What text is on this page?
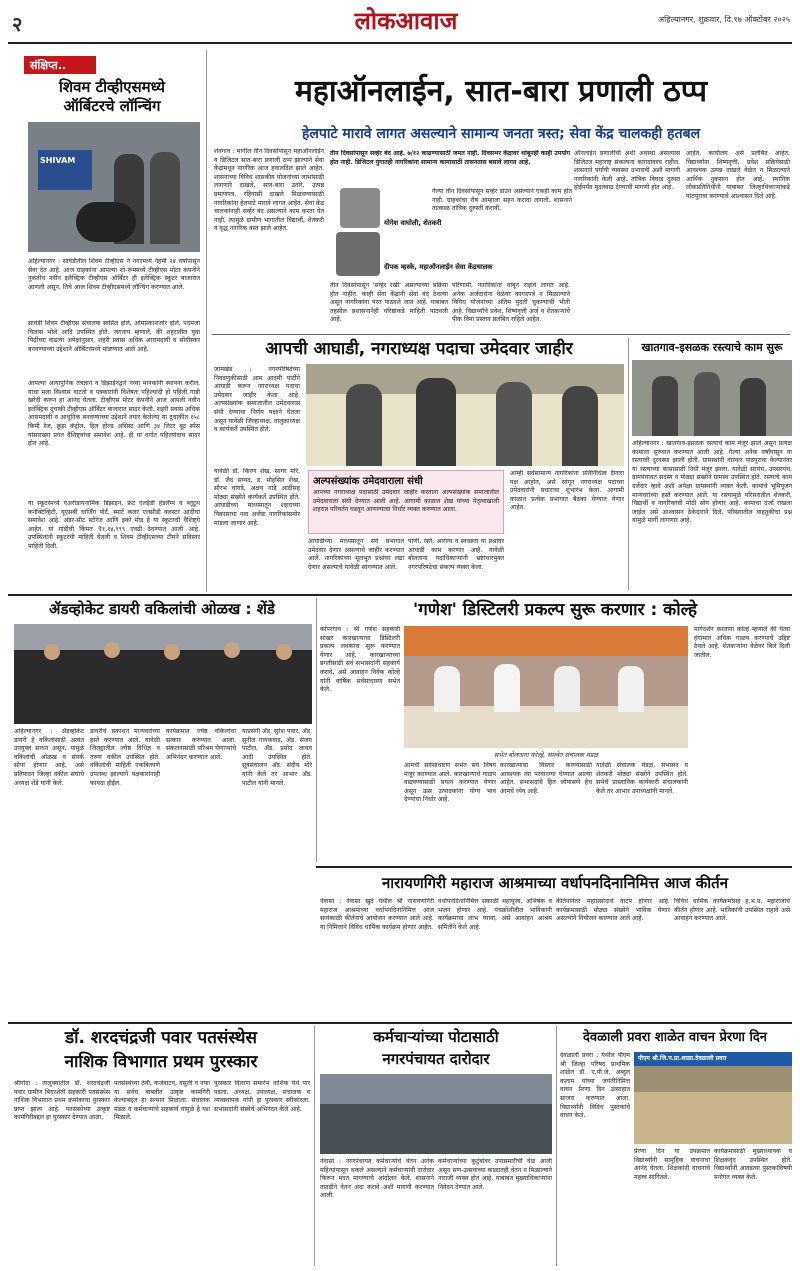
२	लोकआवाज	अहिल्यानगर, शुक्रवार, दि.१७ ऑक्टोबर २०२५
संक्षिप्त..
शिवम टीव्हीएसमध्ये
ऑर्बिटरचे लॉन्चिंग
SHIVAM
अहिल्यानगर : सावेडीतील शिवम टीव्हीएस ने नगरमध्ये नेहमी २४ वर्षांपासून सेवा देत आहे. आज ग्राहकांना आपल्या शो-रूममध्ये टीव्हीएस मोटर कंपनीने नुकतीच नवीन इलेक्ट्रिक टीव्हीएस ऑर्बिटर ही इलेक्ट्रिक स्कूटर बाजारात आणली असून, तिचे आज शिवम टीव्हीएसमध्ये लॉन्चिंग करण्यात आले.
सावेडी शिवम टीव्हीएस संचालक स्वप्निल होले, ओमप्रकाशजोर होले, पदमजा विलास भोले आदि उपस्थित होते. जगताप म्हणाले, की शहरातील युवा पिढींच्या वाढत्या अपेक्षांनुसार, शहरी प्रवास अधिक आरामदायी व सोयीस्कर बनवण्याच्या उद्देशाने ऑर्बिटरमध्ये मांडण्यात आले आहे.
आपल्या आयापुनिक तंत्रज्ञान व डिझाईनद्वारे नव्या मानकांनी स्थापना करील, याचा मला विश्वास वाटतो व पत्रकारांनी विशेषतः पहिल्यांदी हो पहिली गाडी खरेदी करून हा आनंद घेतला. टीव्हीएस मोटर कंपनीने आज आपली नवीन इलेक्ट्रिक दुचाकी टीव्हीएस ऑर्बिटर बाजारात सादर केली. शहरी प्रवास अधिक आरामदायी व आधुनिक बनवण्याच्या उद्देशाने तयार केलेल्या या दुचाकीत १५८ किमी रेंज, क्रूझ कंट्रोल, हिल होल्ड असिस्ट आणि ३४ लिटर बूट स्पेस यांसारख्या प्रगत वैशिष्ट्यांचा समावेश आहे. ही या वर्गात पहिल्यांदाच सादर होत आहे.
या स्कूटरमध्ये एअरोडायनामिक डिझाइन, फ्रंट एलईडी हेडलॅम्प व ब्लूटूथ कनेक्टिव्हिटी, यूएसबी चार्जिंग पोर्ट, स्मार्ट कलर एलसीडी क्लस्टर आदींचा समावेश आहे. अंडर-सीट स्टोरेज आणि इको मोड हे या स्कूटरची वैशिष्ट्ये आहेत. या गाडीची किंमत ₹१,१४,९९९ एवढी ठेवण्यात आली आहे. उपस्थितांनी स्कूटरची माहिती घेतली व शिवम टीव्हीएसच्या टीमने सविस्तर माहिती दिली.
महाऑनलाईन, सात-बारा प्रणाली ठप्प
हेलपाटे मारावे लागत असल्याने सामान्य जनता त्रस्त; सेवा केंद्र चालकही हतबल
शेवगाव : मागील तीन दिवसांपासून महाऑनलाईन व डिजिटल सात-बारा प्रणाली ठप्प झाल्याने सेवा केंद्रांमधून नागरिक आज हवालदिल झाले आहेत. शासनाच्या विविध शासकीय योजनांच्या लाभांसाठी लागणारे दाखले, सात-बारा उतारे, उत्पन्न प्रमाणपत्र, रहिवासी दाखले मिळवण्यासाठी नागरिकांना हेलपाटे मारावे लागत आहेत. सेवा केंद्र चालकांनाही सर्व्हर बंद असल्याने काम करता येत नाही, त्यामुळे ग्रामीण भागातील विद्यार्थी, शेतकरी व वृद्ध नागरिक त्रस्त झाले आहेत.
तीन दिवसांपासून सर्व्हर बंद आहे. ७/१२ काढण्यासाठी जमत नाही. दिवसभर केंद्रावर थांबूनही काही उपयोग होत नाही. डिजिटल युगातही नागरिकांना सामान्य कामासाठी तासनतास बसावे लागत आहे.
योगेश वाघोली, शेतकरी
गेल्या तीन दिवसांपासून सर्व्हर डाउन असल्याने एकही काम होत नाही. ग्राहकांचा रोष आम्हाला सहन करावा लागतो. शासनाने तात्काळ तांत्रिक दुरुस्ती करावी.
दीपक म्हस्के, महाऑनलाईन सेवा केंद्रचालक
तीन दिवसांपासून 'सव्हेर रखी' असल्याच्या प्रक्रिया होत नाहीत. काही सेवा केंद्रांनी सेवा बंद ठेवल्या असून नागरिकांना परत पाठवले जात आहे. याबाबत तहसील प्रशासनानेही वरिष्ठांकडे माहिती पाठवली आहे.
परिणामी, नागरिकांना थांबून राहावे लागत आहे. अनेक अर्जदारांना वेळेवर कागदपत्रे न मिळाल्याने विविध योजनांच्या अंतिम मुदती चुकण्याची भीती आहे. विद्यार्थ्यांचे प्रवेश, शिष्यवृत्ती अर्ज व शेतकऱ्यांचे पीक विमा प्रस्ताव प्रलंबित राहिले आहेत.
ऑनलाईन प्रणालीची अशी अवस्था असल्यास डिजिटल महाराष्ट्र संकल्पना कागदावरच राहील. शासनाने पर्यायी व्यवस्था उभारावी अशी मागणी नागरिकांनी केली आहे. तांत्रिक बिघाड दुरुस्त होईपर्यंत मुदतवाढ देण्याची मागणी होत आहे.
आहेत, कार्यालय असे प्रलंबित आहेत. विद्यार्थ्यांना शिष्यवृत्ती, प्रवेश प्रक्रियेसाठी आवश्यक उत्पन्न दाखले वेळेत न मिळाल्याने आर्थिक नुकसान होत आहे. स्थानिक लोकप्रतिनिधींनी याबाबत जिल्हाधिकाऱ्यांकडे पाठपुरावा करण्याचे आश्वासन दिले आहे.
आपची आघाडी, नगराध्यक्ष पदाचा उमेदवार जाहीर
जामखेड : नगरपरिषदेच्या निवडणुकीसाठी आम आदमी पार्टीने आघाडी करून नगराध्यक्ष पदाचा उमेदवार जाहीर केला आहे. अल्पसंख्यांक समाजातील उमेदवारास संधी देण्याचा निर्णय पक्षाने घेतला असून यावेळी जिल्हाध्यक्ष, तालुकाध्यक्ष व कार्यकर्ते उपस्थित होते.
यावेळी डॉ. किरण शेख, सागर मोरे, डॉ. जैद सय्यद, ड. मोहसिन शेख, सौरभ चांगडे, अक्षय गाडे आदींसह मोठ्या संख्येने कार्यकर्ते उपस्थित होते. आघाडीच्या माध्यमातून शहराच्या विकासाचा नवा अजेंडा नागरिकांसमोर मांडला जाणार आहे.
अल्पसंख्यांक उमेदवाराला संधी
आपच्या नगराध्यक्ष पदासाठी उमेदवार जाहीर करताना अल्पसंख्यांक समाजातील उमेदवाराला संधी देण्यात आली आहे. आगामी काळात शेख यांच्या नेतृत्वाखाली शहरात परिवर्तन घडवून आणण्याचा निर्धार व्यक्त करण्यात आला.
आघाडीच्या माध्यमातून सर्व प्रभागात उमेदवार देणार असल्याचे जाहीर करण्यात आले. नागरिकांच्या मूलभूत प्रश्नांवर लढा देणार असल्याचे यावेळी सांगण्यात आले.
पाणी, रस्ते, आरोग्य व स्वच्छता या प्रश्नांवर आघाडी काम करणार आहे. यावेळी बोलताना पदाधिकाऱ्यांनी भ्रष्टाचारमुक्त नगरपरिषदेचा संकल्प व्यक्त केला.
आम्ही सर्वसामान्य नागरिकांना प्रतिनिधित्व देणारा पक्ष आहोत, असे सांगून नगराध्यक्ष पदाच्या उमेदवारांनी प्रचाराचा शुभारंभ केला. आगामी काळात प्रत्येक प्रभागात बैठका घेण्यात येणार आहेत.
खातगाव-इसळक रस्त्याचे काम सुरू
अहिल्यानगर : खातगाव-इसळक रस्त्याचे काम मंजूर झाले असून प्रत्यक्ष कामाला सुरुवात करण्यात आली आहे. गेल्या अनेक वर्षांपासून या रस्त्याची दुरवस्था झाली होती. ग्रामस्थांनी वारंवार पाठपुरावा केल्यानंतर या रस्त्याच्या कामासाठी निधी मंजूर झाला. यावेळी सरपंच, उपसरपंच, ग्रामपंचायत सदस्य व मोठ्या संख्येने ग्रामस्थ उपस्थित होते. रस्त्याचे काम दर्जेदार व्हावे अशी अपेक्षा ग्रामस्थांनी व्यक्त केली. कामाचे भूमिपूजन मान्यवरांच्या हस्ते करण्यात आले. या रस्त्यामुळे परिसरातील शेतकरी, विद्यार्थी व नागरिकांची मोठी सोय होणार आहे. कामाचा दर्जा राखला जाईल असे आश्वासन ठेकेदाराने दिले. परिसरातील वाहतुकीचा प्रश्न यामुळे मार्गी लागणार आहे.
ॲडव्होकेट डायरी वकिलांची ओळख : शेंडे
अहिल्यानगर : ॲडव्होकेट डायरी हे वकिलांसाठी अत्यंत उपयुक्त साधन असून, यामुळे वकिलांची ओळख व संपर्क सोपा होणार आहे, असे प्रतिपादन जिल्हा वकील संघाचे अध्यक्ष शेंडे यांनी केले.
डायरीचे प्रकाशन मान्यवरांच्या हस्ते करण्यात आले. यावेळी जिल्ह्यातील ज्येष्ठ विधिज्ञ व तरुण वकील उपस्थित होते. वकिलांची माहिती एकत्रितपणे उपलब्ध झाल्याने पक्षकारांनाही फायदा होईल.
कार्यक्रमात ज्येष्ठ वकिलांचा सत्कार करण्यात आला. संकलनासाठी परिश्रम घेणाऱ्यांचे अभिनंदन करण्यात आले.
याप्रसंगी अ‍ॅड. सुरेश पवार, अ‍ॅड. सुनील गायकवाड, अ‍ॅड. संजय पाटील, अ‍ॅड. प्रमोद जाधव आदी उपस्थित होते. सूत्रसंचालन अ‍ॅड. संदीप मोरे यांनी केले तर आभार अ‍ॅड. पाटील यांनी मानले.
'गणेश' डिस्टिलरी प्रकल्प सुरू करणार : कोल्हे
कोपरगाव : श्री गणेश सहकारी साखर कारखान्याचा डिस्टिलरी प्रकल्प लवकरच सुरू करण्यात येणार आहे. कारखान्याच्या प्रगतीसाठी सर्व सभासदांनी सहकार्य करावे, असे आवाहन विवेक कोल्हे यांनी वार्षिक सर्वसाधारण सभेत केले.
सभेत बोलताना कोल्हे, समवेत संचालक मंडळ
आमची सर्वसाधारण सभेत सर्व विषय मंजूर करण्यात आले. कारखान्याचे गाळप वाढवण्यासाठी प्रयत्न करण्यात येणार असून ऊस उत्पादकांना योग्य भाव देण्याचा निर्धार आहे.
कारखान्याचा विस्तार करण्यासाठी आवश्यक त्या परवानग्या घेण्यात आल्या आहेत. सभासदांचे हित जोपासणे हेच आमचे ध्येय आहे.
यावेळी संचालक मंडळ, सभासद व शेतकरी मोठ्या संख्येने उपस्थित होते. सभेचे प्रास्ताविक कार्यकारी संचालकांनी केले तर आभार उपाध्यक्षांनी मानले.
मार्गदर्शन करताना कोल्हे म्हणाले की येत्या हंगामात अधिक गाळप करण्याचे उद्दिष्ट ठेवले आहे. शेतकऱ्यांना वेळेवर बिले दिली जातील.
नारायणगिरी महाराज आश्रमाच्या वर्धापनदिनानिमित्त आज कीर्तन
नेवासा : नेवासा खुर्द येथील श्री नारायणगिरी महाराज आश्रमाच्या वर्धापनदिनानिमित्त आज सायंकाळी कीर्तनाचे आयोजन करण्यात आले आहे. या निमित्ताने विविध धार्मिक कार्यक्रम होणार आहेत.
वर्धापनदिनानिमित्त सकाळी महापूजा, अभिषेक व भजन होणार आहे. पंचक्रोशीतील भाविकांनी कार्यक्रमांचा लाभ घ्यावा, असे आवाहन आश्रम समितीने केले आहे.
कीर्तनानंतर महाप्रसादाचे वाटप होणार आहे. कार्यक्रमासाठी मोठ्या संख्येने भाविक येणार असल्याने नियोजन करण्यात आले आहे.
विविध धार्मिक कार्यक्रमांसह ह.भ.प. महाराजांचे कीर्तन होणार आहे. भाविकांनी उपस्थित राहावे असे आवाहन करण्यात आले.
डॉ. शरदचंद्रजी पवार पतसंस्थेस
नाशिक विभागात प्रथम पुरस्कार
श्रीगोंदा : तालुक्यातील डॉ. शरदचंद्रजी पवार ग्रामीण बिगरशेती सहकारी पतसंस्थेस नाशिक विभागात प्रथम क्रमांकाचा पुरस्कार प्राप्त झाला आहे. पतसंस्थेच्या उत्कृष्ट कामगिरीबद्दल हा पुरस्कार देण्यात आला.
पतसंस्थेच्या ठेवी, कर्जवाटप, वसुली व नफा या सर्वच बाबतीत उत्कृष्ट कामगिरी केल्याबद्दल हा सन्मान मिळाला. संचालक मंडळ व कर्मचाऱ्यांचे सहकार्य यामुळे हे यश मिळाले.
पुरस्कार वितरण समारंभ नाशिक येथे पार पडला. अध्यक्ष, उपाध्यक्ष, संचालक व व्यवस्थापक यांनी हा पुरस्कार स्वीकारला. सभासदांनी संस्थेचे अभिनंदन केले आहे.
कर्मचाऱ्यांच्या पोटासाठी
नगरपंचायत दारोदार
नेवासा : नगरपंचायत कर्मचाऱ्यांचे वेतन अनेक महिन्यांपासून थकले असल्याने कर्मचाऱ्यांनी दारोदार फिरून मदत मागण्याचे आंदोलन केले. शासनाने तातडीने वेतन अदा करावे अशी मागणी करण्यात आली.
कर्मचाऱ्यांच्या कुटुंबांवर उपासमारीची वेळ आली असून सण-उत्सवाच्या काळातही वेतन न मिळाल्याने नाराजी व्यक्त होत आहे. याबाबत मुख्याधिकाऱ्यांना निवेदन देण्यात आले.
देवळाली प्रवरा शाळेत वाचन प्रेरणा दिन
देवळाली प्रवरा : येथील पीएम श्री जिल्हा परिषद प्राथमिक शाळेत डॉ. ए.पी.जे. अब्दुल कलाम यांच्या जयंतीनिमित्त वाचन प्रेरणा दिन उत्साहात साजरा करण्यात आला. विद्यार्थ्यांनी विविध पुस्तकांचे वाचन केले.
पीएम श्री.जि.प.प्रा.शाळा.देवळाली प्रवरा
प्रेरणा दिन या उपक्रमात विद्यार्थ्यांनी सामूहिक वाचनाचा आनंद घेतला. शिक्षकांनी वाचनाचे महत्त्व सांगितले.
कार्यक्रमासाठी मुख्याध्यापक व शिक्षकवृंद उपस्थित होते. विद्यार्थ्यांनी आवडत्या पुस्तकांविषयी मनोगत व्यक्त केले.
